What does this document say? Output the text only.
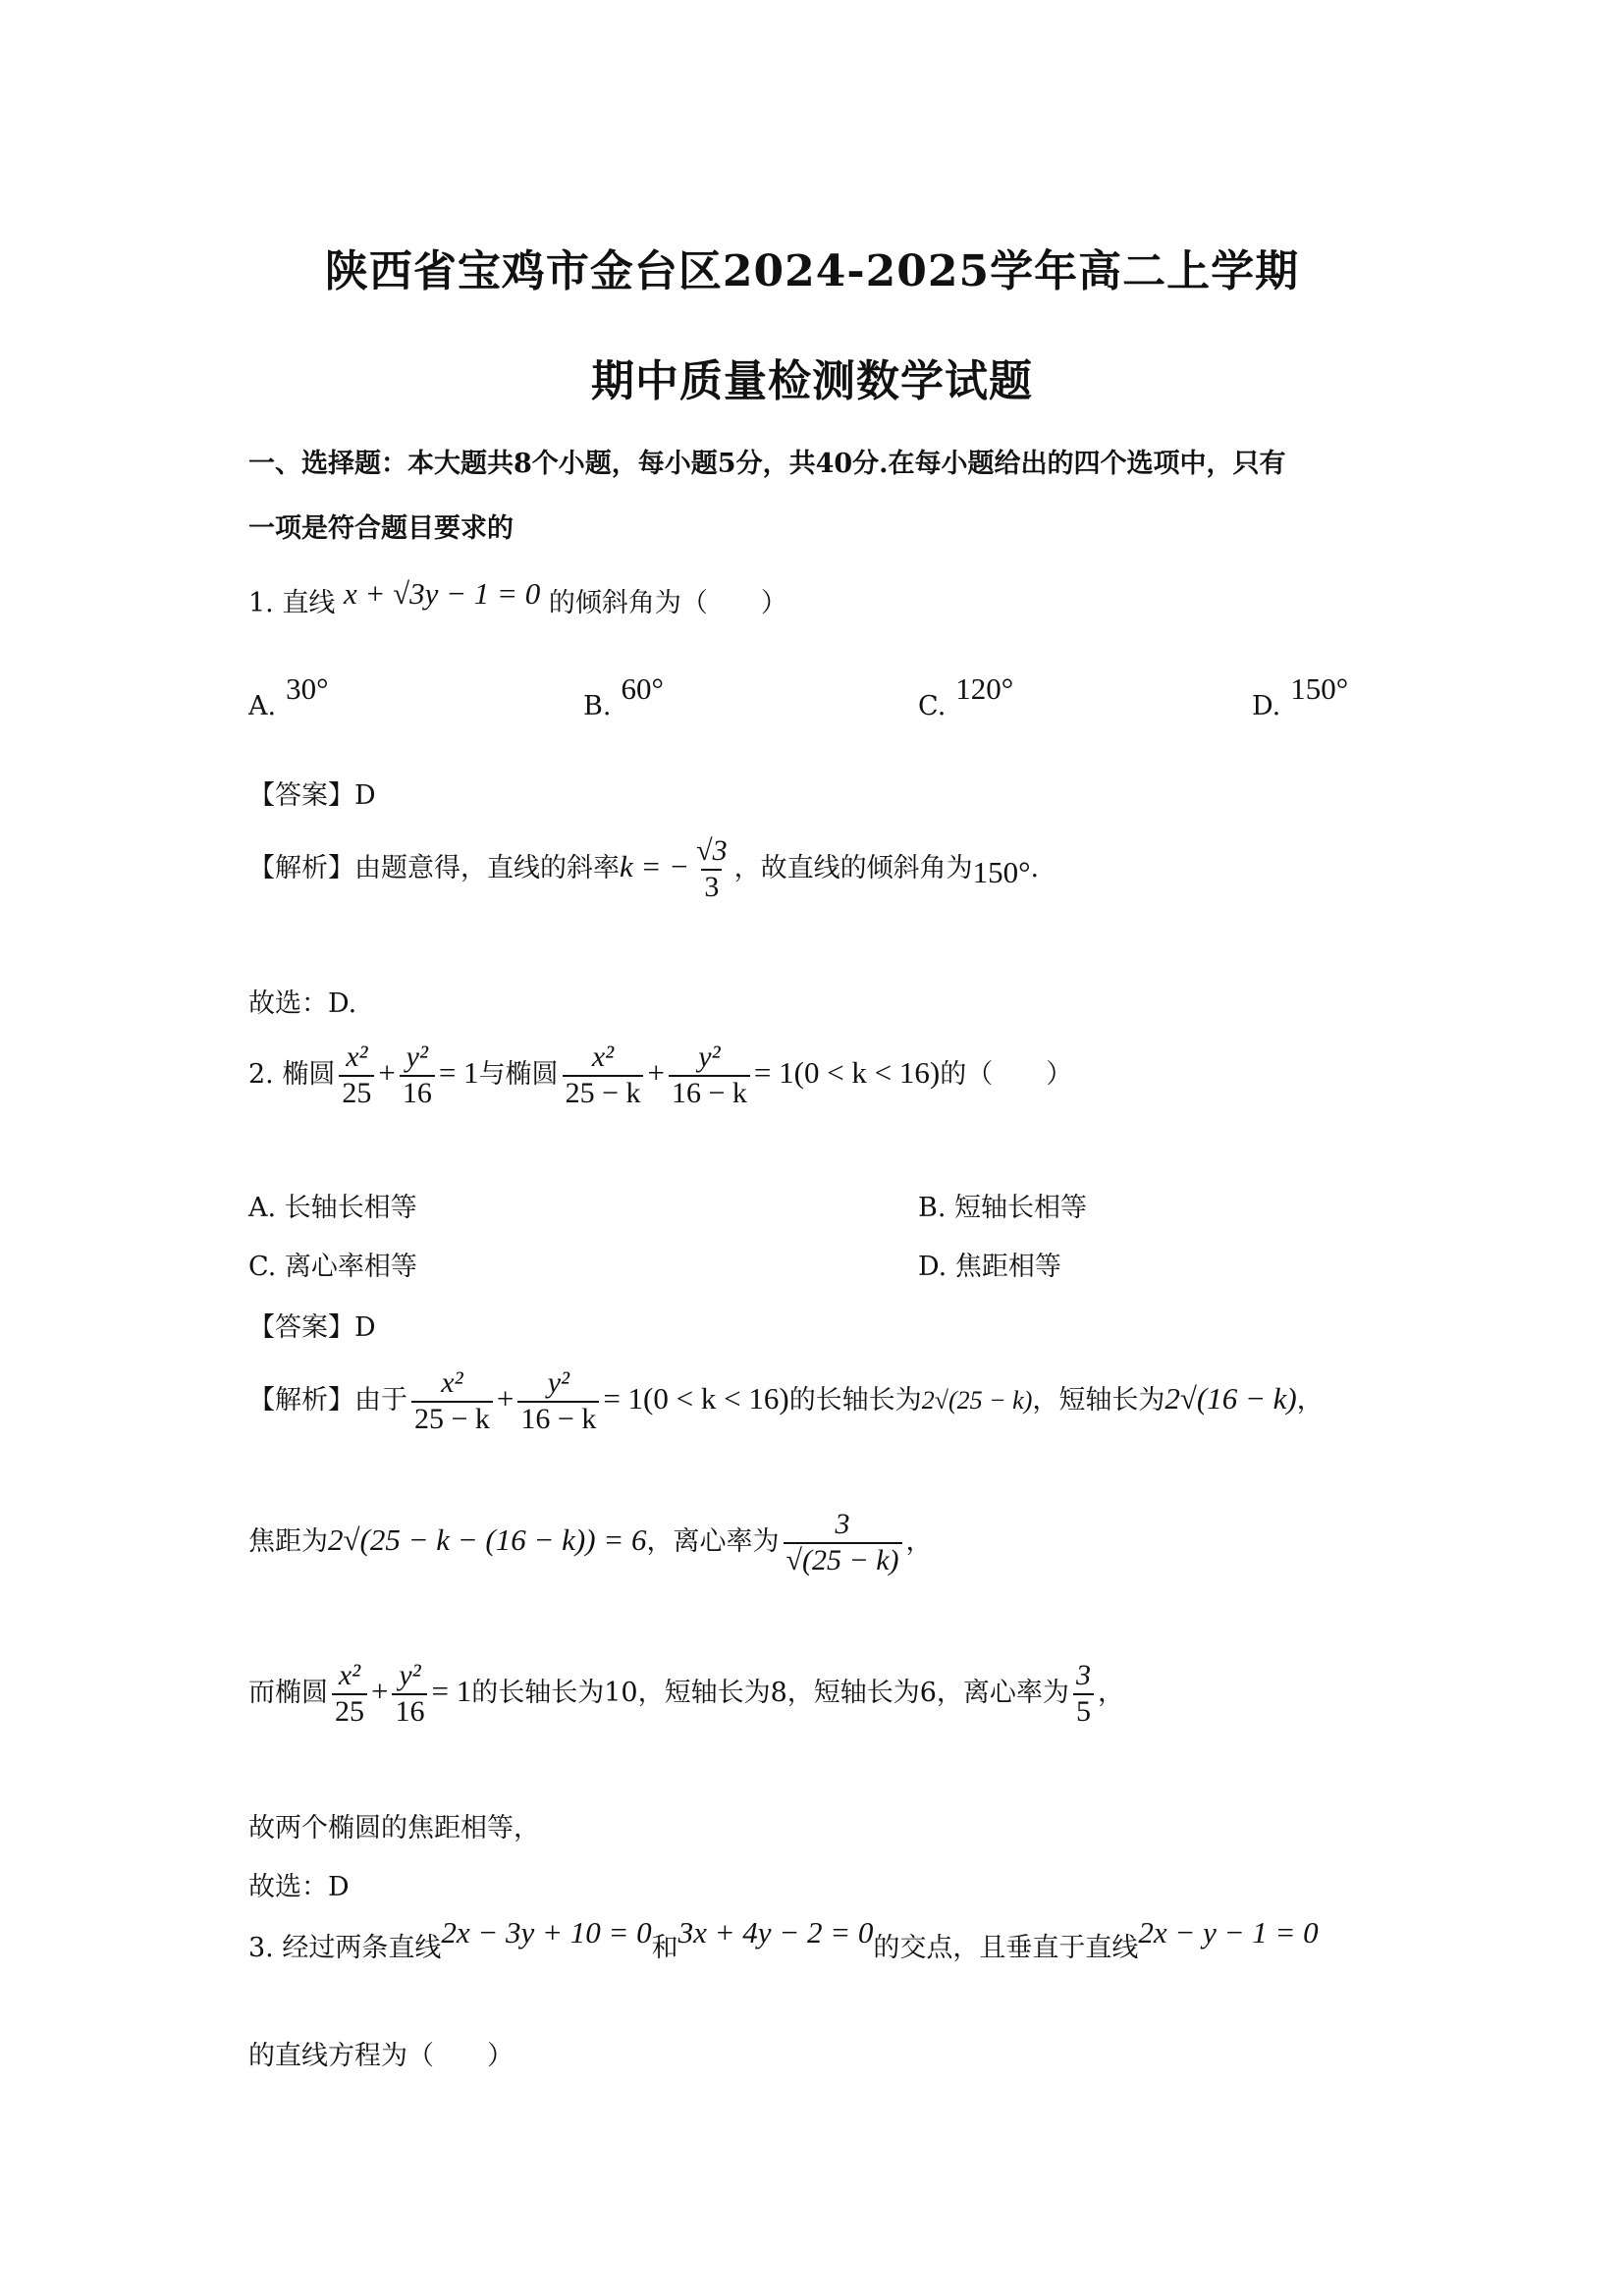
陕西省宝鸡市金台区2024-2025学年高二上学期
期中质量检测数学试题
一、选择题：本大题共8个小题，每小题5分，共40分.在每小题给出的四个选项中，只有
一项是符合题目要求的
1. 直线 x + √3y − 1 = 0 的倾斜角为（　　）
A.30°
B.60°
C.120°
D.150°
【答案】D
【解析】由题意得，直线的斜率k = − $\frac{√3}{3}$ ，故直线的倾斜角为150°.
故选：D.
2. 椭圆 $\frac{\text{x²}}{25} + \frac{\text{y²}}{16} = 1$与椭圆 $\frac{\text{x²}}{25 - k} + \frac{\text{y²}}{16 - k} = 1(0 < k < 16)$的（　　）
A. 长轴长相等	B. 短轴长相等
C. 离心率相等	D. 焦距相等
【答案】D
【解析】由于 $\frac{\text{x²}}{25 - k} + \frac{\text{y²}}{16 - k} = 1(0 < k < 16)$的长轴长为2√(25 − k)，短轴长为2√(16 − k)，
焦距为2√(25 − k − (16 − k)) = 6，离心率为 $\frac{3}{√(25 - k)}$ ，
而椭圆 $\frac{\text{x²}}{25} + \frac{\text{y²}}{16} = 1$的长轴长为10，短轴长为8，短轴长为6，离心率为 $\frac{3}{5}$ ，
故两个椭圆的焦距相等，
故选：D
3. 经过两条直线2x − 3y + 10 = 0和3x + 4y − 2 = 0的交点，且垂直于直线2x − y − 1 = 0
的直线方程为（　　）
